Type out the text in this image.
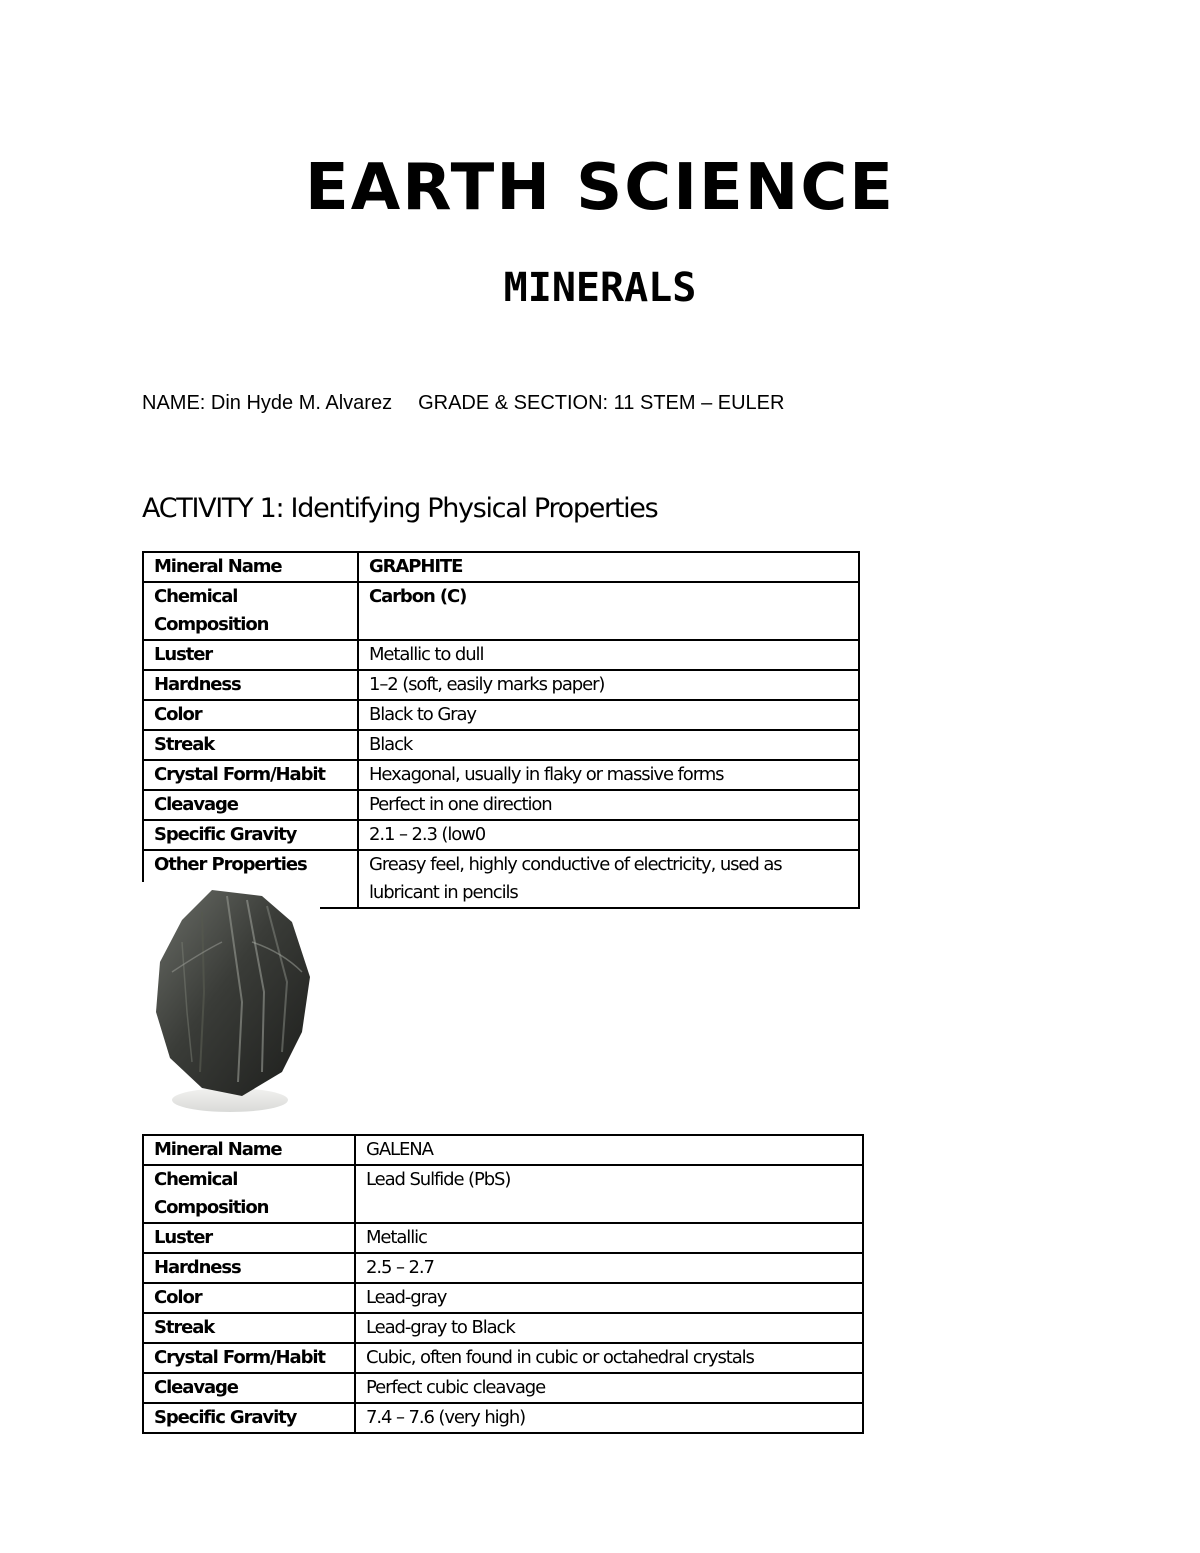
EARTH SCIENCE
MINERALS
NAME: Din Hyde M. Alvarez GRADE & SECTION: 11 STEM – EULER
ACTIVITY 1: Identifying Physical Properties
Mineral Name	GRAPHITE
Chemical Composition	Carbon (C)
Luster	Metallic to dull
Hardness	1–2 (soft, easily marks paper)
Color	Black to Gray
Streak	Black
Crystal Form/Habit	Hexagonal, usually in flaky or massive forms
Cleavage	Perfect in one direction
Specific Gravity	2.1 – 2.3 (low0
Other Properties	Greasy feel, highly conductive of electricity, used as lubricant in pencils
Mineral Name	GALENA
Chemical Composition	Lead Sulfide (PbS)
Luster	Metallic
Hardness	2.5 – 2.7
Color	Lead-gray
Streak	Lead-gray to Black
Crystal Form/Habit	Cubic, often found in cubic or octahedral crystals
Cleavage	Perfect cubic cleavage
Specific Gravity	7.4 – 7.6 (very high)
